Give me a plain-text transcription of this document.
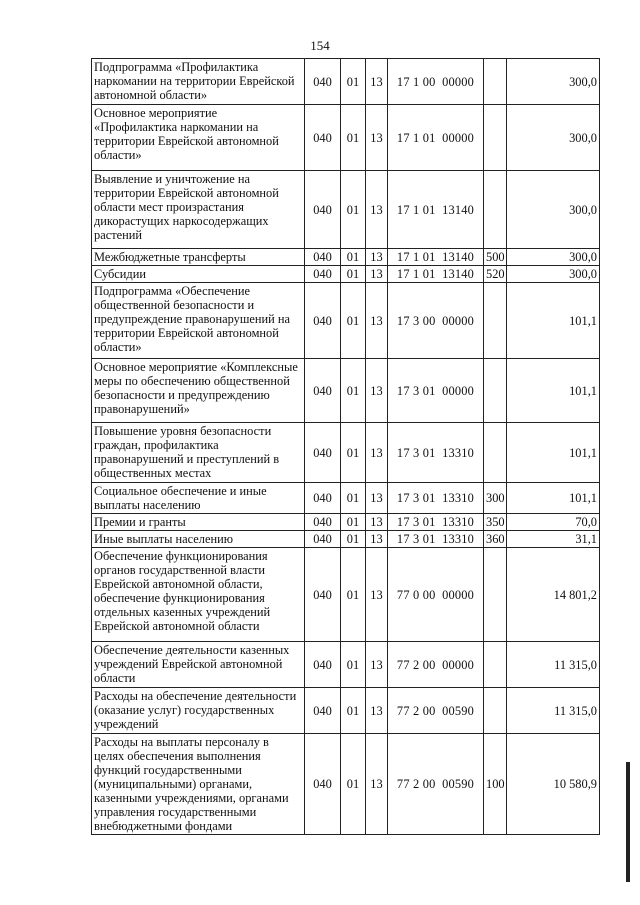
154
Подпрограмма «Профилактика наркомании на территории Еврейской автономной области»	040	01	13	17 1 00  00000		300,0
Основное мероприятие «Профилактика наркомании на территории Еврейской автономной области»	040	01	13	17 1 01  00000		300,0
Выявление и уничтожение на территории Еврейской автономной области мест произрастания дикорастущих наркосодержащих растений	040	01	13	17 1 01  13140		300,0
Межбюджетные трансферты	040	01	13	17 1 01  13140	500	300,0
Субсидии	040	01	13	17 1 01  13140	520	300,0
Подпрограмма «Обеспечение общественной безопасности и предупреждение правонарушений на территории Еврейской автономной области»	040	01	13	17 3 00  00000		101,1
Основное мероприятие «Комплексные меры по обеспечению общественной безопасности и предупреждению правонарушений»	040	01	13	17 3 01  00000		101,1
Повышение уровня безопасности граждан, профилактика правонарушений и преступлений в общественных местах	040	01	13	17 3 01  13310		101,1
Социальное обеспечение и иные выплаты населению	040	01	13	17 3 01  13310	300	101,1
Премии и гранты	040	01	13	17 3 01  13310	350	70,0
Иные выплаты населению	040	01	13	17 3 01  13310	360	31,1
Обеспечение функционирования органов государственной власти Еврейской автономной области, обеспечение функционирования отдельных казенных учреждений Еврейской автономной области	040	01	13	77 0 00  00000		14 801,2
Обеспечение деятельности казенных учреждений Еврейской автономной области	040	01	13	77 2 00  00000		11 315,0
Расходы на обеспечение деятельности (оказание услуг) государственных учреждений	040	01	13	77 2 00  00590		11 315,0
Расходы на выплаты персоналу в целях обеспечения выполнения функций государственными (муниципальными) органами, казенными учреждениями, органами управления государственными внебюджетными фондами	040	01	13	77 2 00  00590	100	10 580,9
